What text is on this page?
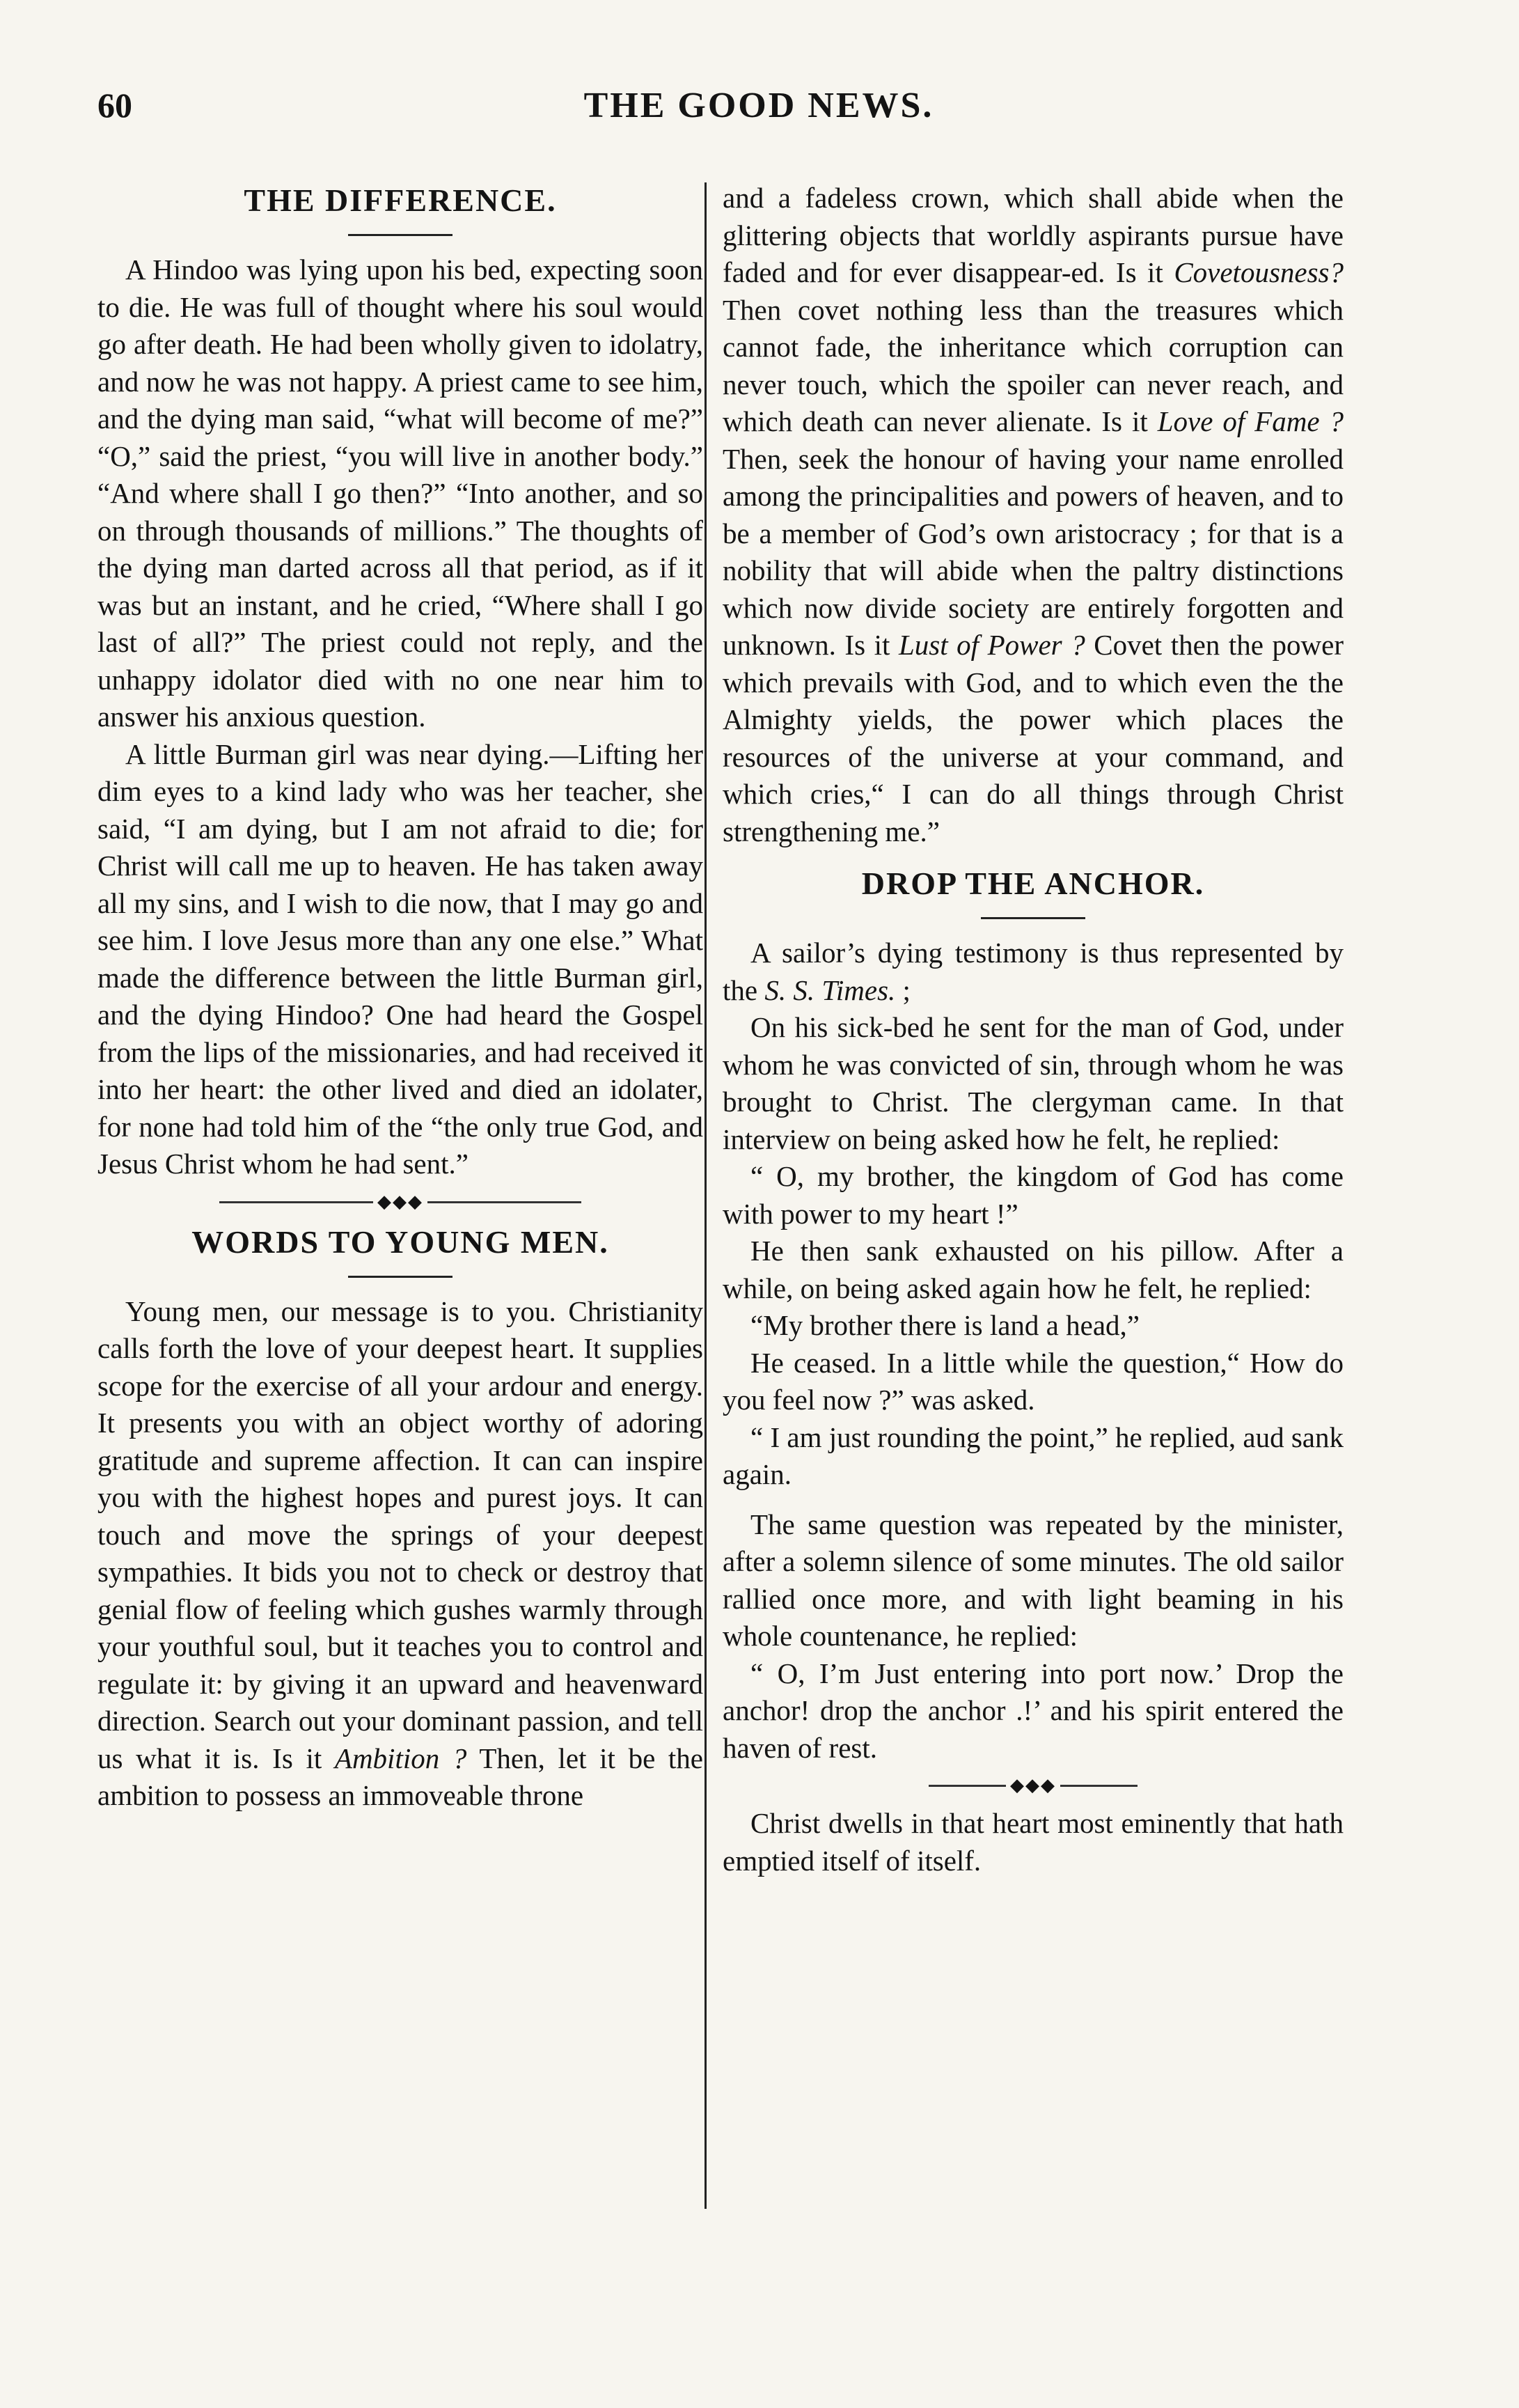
60	THE GOOD NEWS.
THE DIFFERENCE.

A Hindoo was lying upon his bed, expecting soon to die. He was full of thought where his soul would go after death. He had been wholly given to idolatry, and now he was not happy. A priest came to see him, and the dying man said, “what will become of me?” “O,” said the priest, “you will live in another body.” “And where shall I go then?” “Into another, and so on through thousands of millions.” The thoughts of the dying man darted across all that period, as if it was but an instant, and he cried, “Where shall I go last of all?” The priest could not reply, and the unhappy idolator died with no one near him to answer his anxious question.

A little Burman girl was near dying.—Lifting her dim eyes to a kind lady who was her teacher, she said, “I am dying, but I am not afraid to die; for Christ will call me up to heaven. He has taken away all my sins, and I wish to die now, that I may go and see him. I love Jesus more than any one else.” What made the difference between the little Burman girl, and the dying Hindoo? One had heard the Gospel from the lips of the missionaries, and had received it into her heart: the other lived and died an idolater, for none had told him of the “the only true God, and Jesus Christ whom he had sent.”

◆◆◆
WORDS TO YOUNG MEN.

Young men, our message is to you. Christianity calls forth the love of your deepest heart. It supplies scope for the exercise of all your ardour and energy. It presents you with an object worthy of adoring gratitude and supreme affection. It can can inspire you with the highest hopes and purest joys. It can touch and move the springs of your deepest sympathies. It bids you not to check or destroy that genial flow of feeling which gushes warmly through your youthful soul, but it teaches you to control and regulate it: by giving it an upward and heavenward direction. Search out your dominant passion, and tell us what it is. Is it Ambition ? Then, let it be the ambition to possess an immoveable throne

and a fadeless crown, which shall abide when the glittering objects that worldly aspirants pursue have faded and for ever disappear-ed. Is it Covetousness? Then covet nothing less than the treasures which cannot fade, the inheritance which corruption can never touch, which the spoiler can never reach, and which death can never alienate. Is it Love of Fame ? Then, seek the honour of having your name enrolled among the principalities and powers of heaven, and to be a member of God’s own aristocracy ; for that is a nobility that will abide when the paltry distinctions which now divide society are entirely forgotten and unknown. Is it Lust of Power ? Covet then the power which prevails with God, and to which even the the Almighty yields, the power which places the resources of the universe at your command, and which cries,“ I can do all things through Christ strengthening me.”

DROP THE ANCHOR.

A sailor’s dying testimony is thus represented by the S. S. Times. ;

On his sick-bed he sent for the man of God, under whom he was convicted of sin, through whom he was brought to Christ. The clergyman came. In that interview on being asked how he felt, he replied:

“ O, my brother, the kingdom of God has come with power to my heart !”

He then sank exhausted on his pillow. After a while, on being asked again how he felt, he replied:

“My brother there is land a head,”

He ceased. In a little while the question,“ How do you feel now ?” was asked.

“ I am just rounding the point,” he replied, aud sank again.

The same question was repeated by the minister, after a solemn silence of some minutes. The old sailor rallied once more, and with light beaming in his whole countenance, he replied:

“ O, I’m Just entering into port now.’ Drop the anchor! drop the anchor .!’ and his spirit entered the haven of rest.

◆◆◆

Christ dwells in that heart most eminently that hath emptied itself of itself.
